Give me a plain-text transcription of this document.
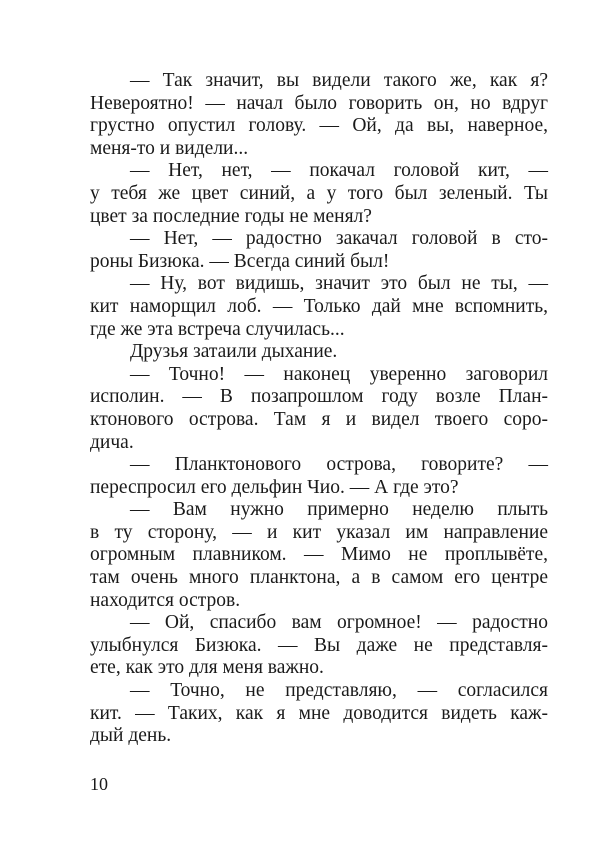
— Так значит, вы видели такого же, как я?
Невероятно! — начал было говорить он, но вдруг
грустно опустил голову. — Ой, да вы, наверное,
меня-то и видели...
— Нет, нет, — покачал головой кит, —
у тебя же цвет синий, а у того был зеленый. Ты
цвет за последние годы не менял?
— Нет, — радостно закачал головой в сто-
роны Бизюка. — Всегда синий был!
— Ну, вот видишь, значит это был не ты, —
кит наморщил лоб. — Только дай мне вспомнить,
где же эта встреча случилась...
Друзья затаили дыхание.
— Точно! — наконец уверенно заговорил
исполин. — В позапрошлом году возле План-
ктонового острова. Там я и видел твоего соро-
дича.
— Планктонового острова, говорите? —
переспросил его дельфин Чио. — А где это?
— Вам нужно примерно неделю плыть
в ту сторону, — и кит указал им направление
огромным плавником. — Мимо не проплывёте,
там очень много планктона, а в самом его центре
находится остров.
— Ой, спасибо вам огромное! — радостно
улыбнулся Бизюка. — Вы даже не представля-
ете, как это для меня важно.
— Точно, не представляю, — согласился
кит. — Таких, как я мне доводится видеть каж-
дый день.
10
